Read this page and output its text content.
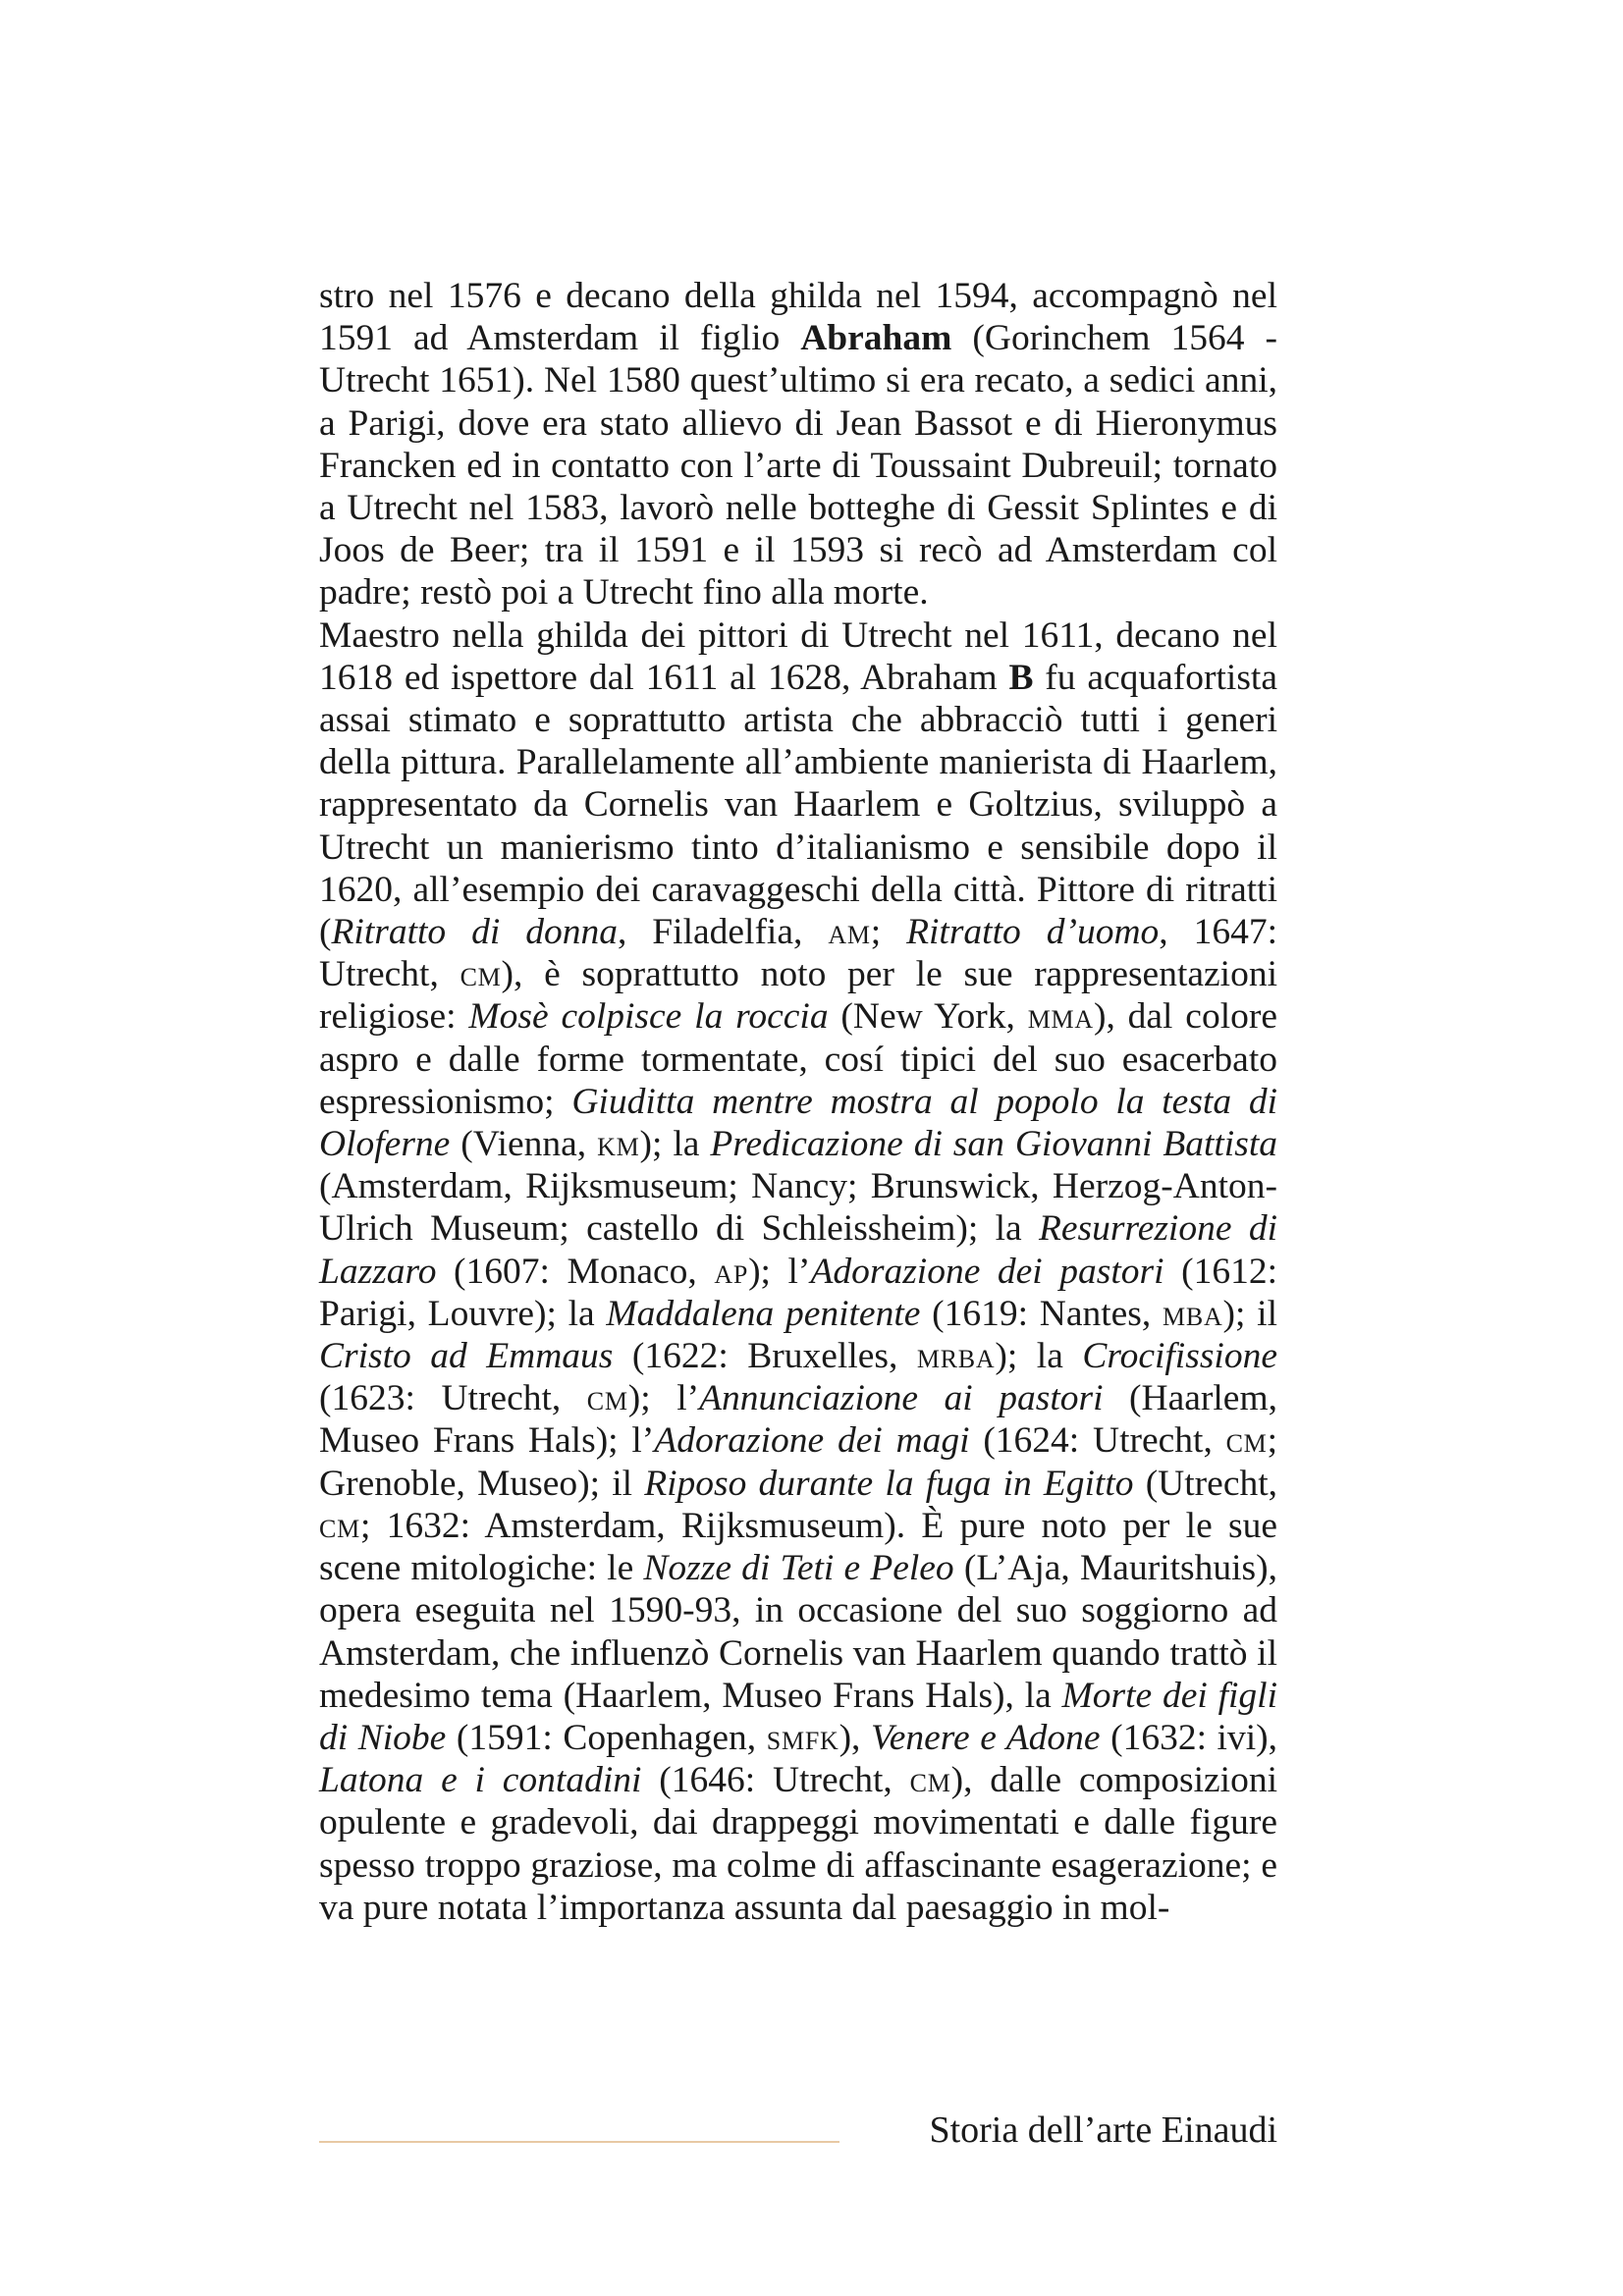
stro nel 1576 e decano della ghilda nel 1594, accompagnò nel 1591 ad Amsterdam il figlio Abraham (Gorinchem 1564 - Utrecht 1651). Nel 1580 quest’ultimo si era recato, a sedici anni, a Parigi, dove era stato allievo di Jean Bassot e di Hieronymus Francken ed in contatto con l’arte di Toussaint Dubreuil; tornato a Utrecht nel 1583, lavorò nelle botteghe di Gessit Splintes e di Joos de Beer; tra il 1591 e il 1593 si recò ad Amsterdam col padre; restò poi a Utrecht fino alla morte.

Maestro nella ghilda dei pittori di Utrecht nel 1611, decano nel 1618 ed ispettore dal 1611 al 1628, Abraham B fu acquafortista assai stimato e soprattutto artista che abbracciò tutti i generi della pittura. Parallelamente all’ambiente manierista di Haarlem, rappresentato da Cornelis van Haarlem e Goltzius, sviluppò a Utrecht un manierismo tinto d’italianismo e sensibile dopo il 1620, all’esempio dei caravaggeschi della città. Pittore di ritratti (Ritratto di donna, Filadelfia, am; Ritratto d’uomo, 1647: Utrecht, cm), è soprattutto noto per le sue rappresentazioni religiose: Mosè colpisce la roccia (New York, mma), dal colore aspro e dalle forme tormentate, cosí tipici del suo esacerbato espressionismo; Giuditta mentre mostra al popolo la testa di Oloferne (Vienna, km); la Predicazione di san Giovanni Battista (Amsterdam, Rijksmuseum; Nancy; Brunswick, Herzog-Anton-Ulrich Museum; castello di Schleissheim); la Resurrezione di Lazzaro (1607: Monaco, ap); l’Adorazione dei pastori (1612: Parigi, Louvre); la Maddalena penitente (1619: Nantes, mba); il Cristo ad Emmaus (1622: Bruxelles, mrba); la Crocifissione (1623: Utrecht, cm); l’Annunciazione ai pastori (Haarlem, Museo Frans Hals); l’Adorazione dei magi (1624: Utrecht, cm; Grenoble, Museo); il Riposo durante la fuga in Egitto (Utrecht, cm; 1632: Amsterdam, Rijksmuseum). È pure noto per le sue scene mitologiche: le Nozze di Teti e Peleo (L’Aja, Mauritshuis), opera eseguita nel 1590-93, in occasione del suo soggiorno ad Amsterdam, che influenzò Cornelis van Haarlem quando trattò il medesimo tema (Haarlem, Museo Frans Hals), la Morte dei figli di Niobe (1591: Copenhagen, smfk), Venere e Adone (1632: ivi), Latona e i contadini (1646: Utrecht, cm), dalle composizioni opulente e gradevoli, dai drappeggi movimentati e dalle figure spesso troppo graziose, ma colme di affascinante esagerazione; e va pure notata l’importanza assunta dal paesaggio in mol-

Storia dell’arte Einaudi
